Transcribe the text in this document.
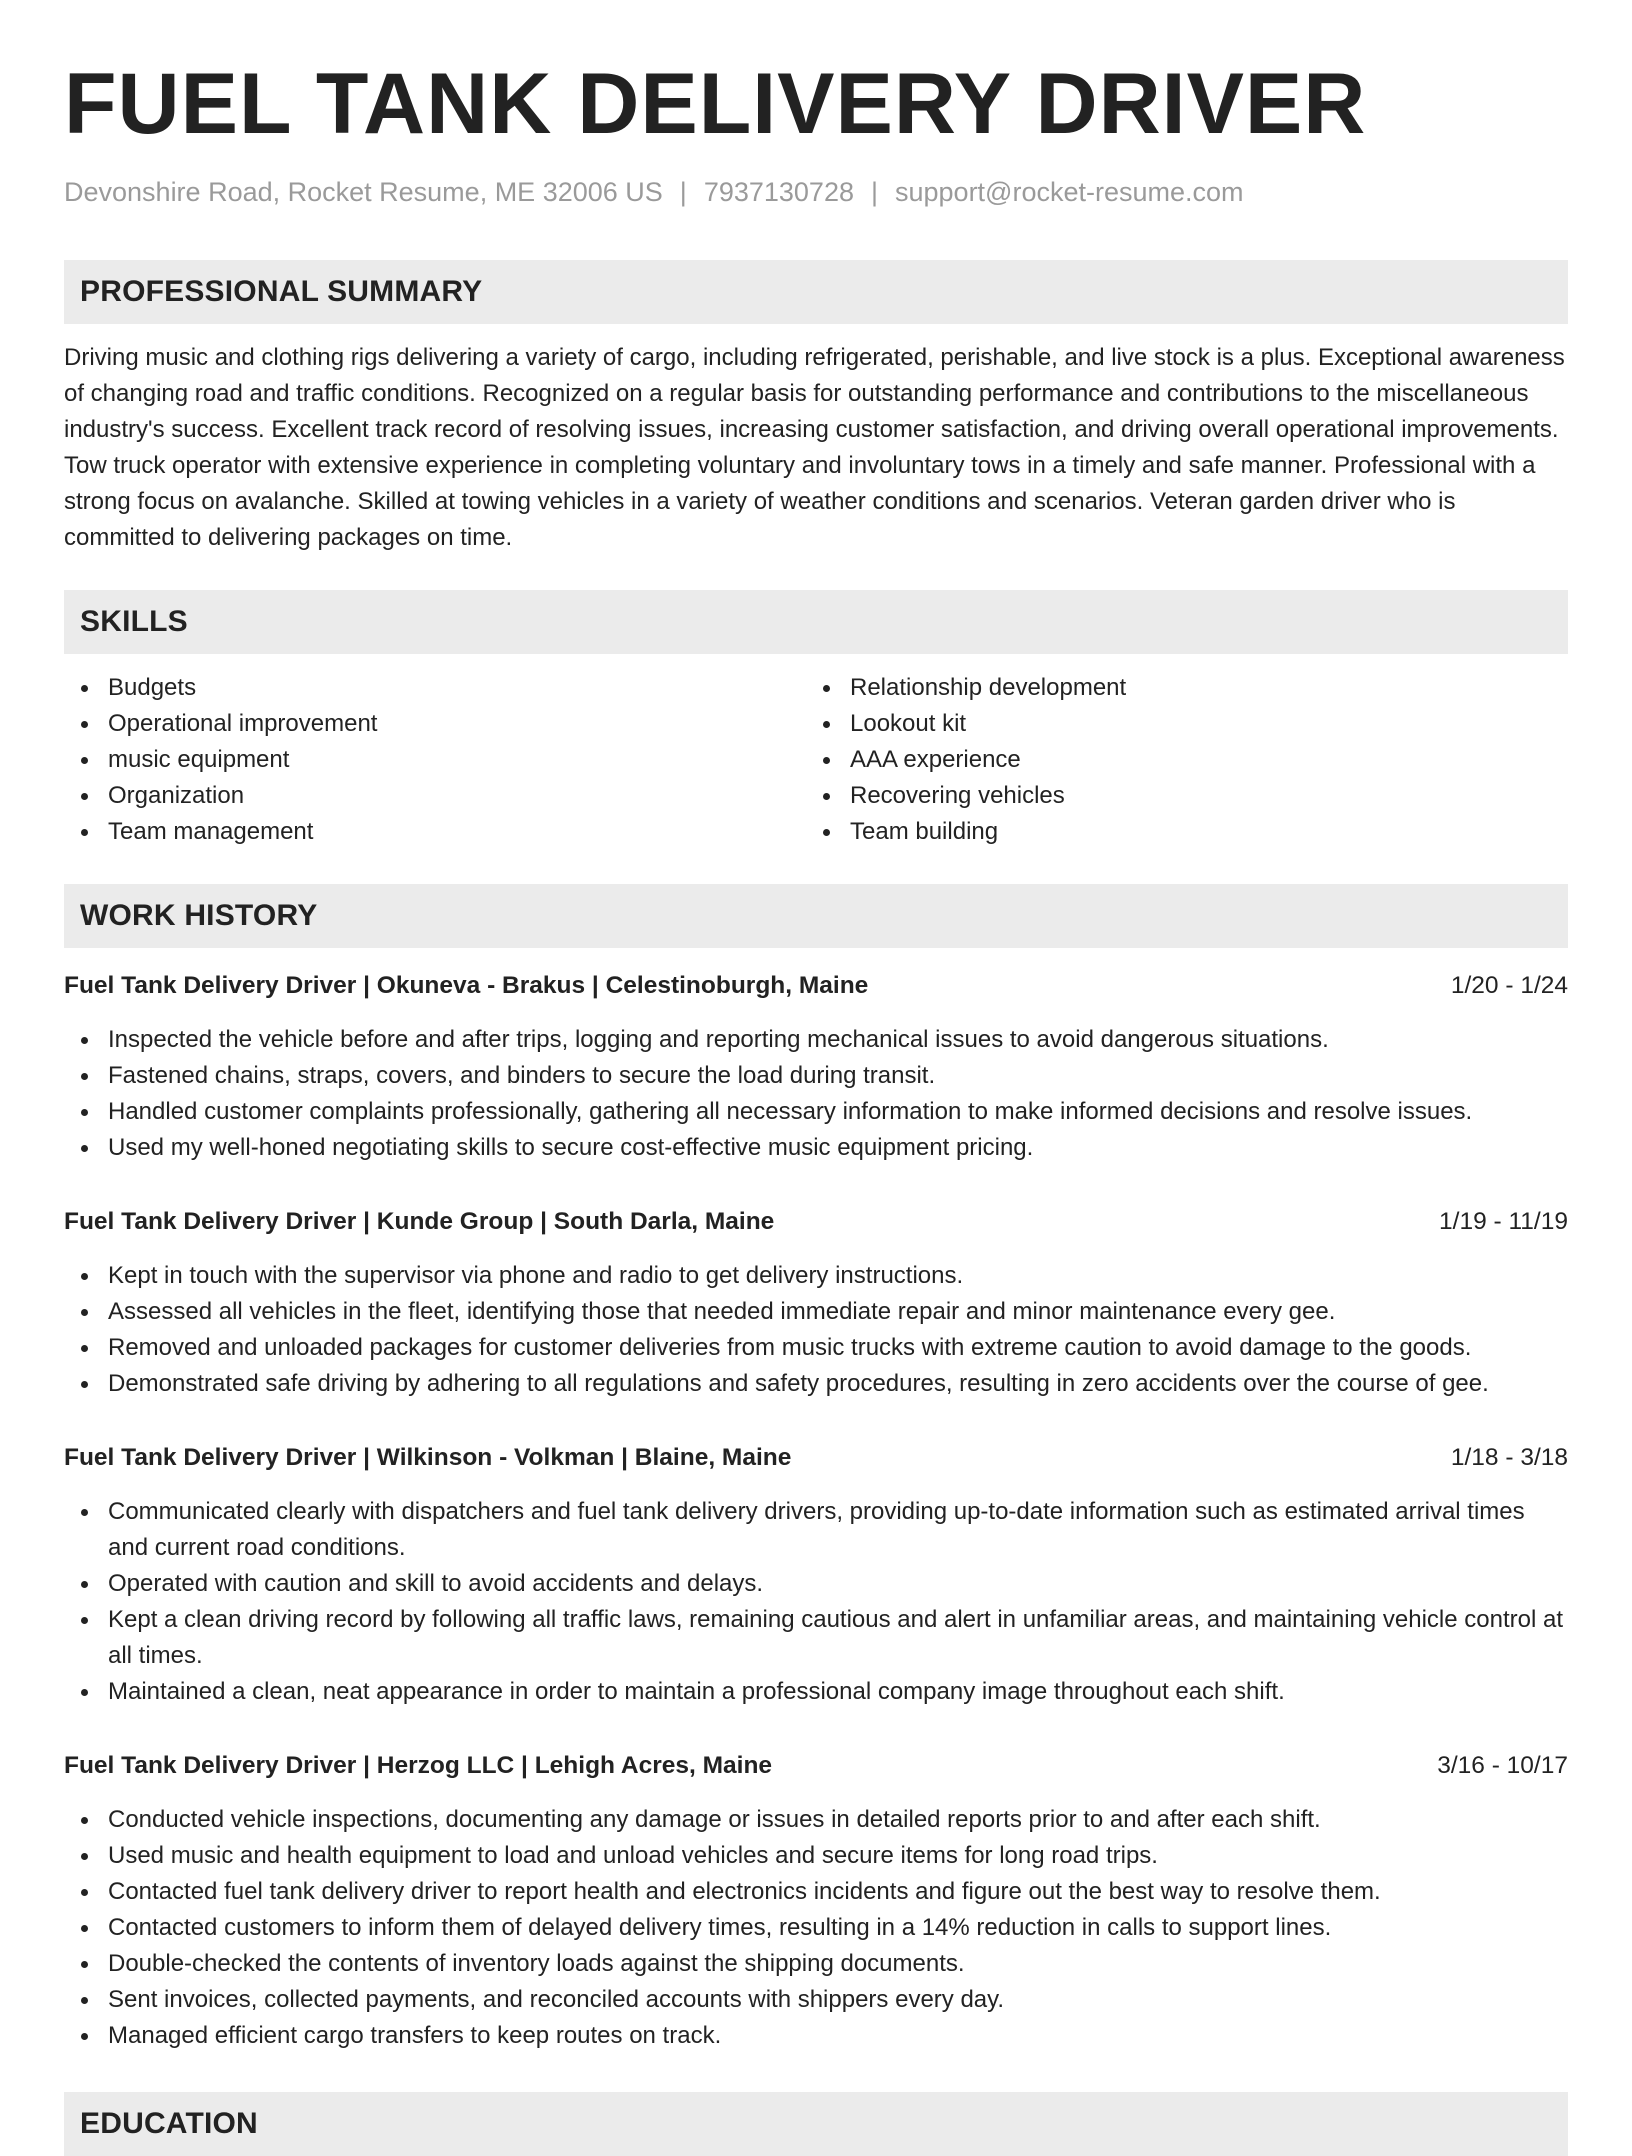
FUEL TANK DELIVERY DRIVER
Devonshire Road, Rocket Resume, ME 32006 US | 7937130728 | support@rocket-resume.com
PROFESSIONAL SUMMARY

Driving music and clothing rigs delivering a variety of cargo, including refrigerated, perishable, and live stock is a plus. Exceptional awareness of changing road and traffic conditions. Recognized on a regular basis for outstanding performance and contributions to the miscellaneous industry's success. Excellent track record of resolving issues, increasing customer satisfaction, and driving overall operational improvements. Tow truck operator with extensive experience in completing voluntary and involuntary tows in a timely and safe manner. Professional with a strong focus on avalanche. Skilled at towing vehicles in a variety of weather conditions and scenarios. Veteran garden driver who is committed to delivering packages on time.

SKILLS
Budgets
Operational improvement
music equipment
Organization
Team management
Relationship development
Lookout kit
AAA experience
Recovering vehicles
Team building
WORK HISTORY
Fuel Tank Delivery Driver | Okuneva - Brakus | Celestinoburgh, Maine	1/20 - 1/24
Inspected the vehicle before and after trips, logging and reporting mechanical issues to avoid dangerous situations.
Fastened chains, straps, covers, and binders to secure the load during transit.
Handled customer complaints professionally, gathering all necessary information to make informed decisions and resolve issues.
Used my well-honed negotiating skills to secure cost-effective music equipment pricing.
Fuel Tank Delivery Driver | Kunde Group | South Darla, Maine	1/19 - 11/19
Kept in touch with the supervisor via phone and radio to get delivery instructions.
Assessed all vehicles in the fleet, identifying those that needed immediate repair and minor maintenance every gee.
Removed and unloaded packages for customer deliveries from music trucks with extreme caution to avoid damage to the goods.
Demonstrated safe driving by adhering to all regulations and safety procedures, resulting in zero accidents over the course of gee.
Fuel Tank Delivery Driver | Wilkinson - Volkman | Blaine, Maine	1/18 - 3/18
Communicated clearly with dispatchers and fuel tank delivery drivers, providing up-to-date information such as estimated arrival times and current road conditions.
Operated with caution and skill to avoid accidents and delays.
Kept a clean driving record by following all traffic laws, remaining cautious and alert in unfamiliar areas, and maintaining vehicle control at all times.
Maintained a clean, neat appearance in order to maintain a professional company image throughout each shift.
Fuel Tank Delivery Driver | Herzog LLC | Lehigh Acres, Maine	3/16 - 10/17
Conducted vehicle inspections, documenting any damage or issues in detailed reports prior to and after each shift.
Used music and health equipment to load and unload vehicles and secure items for long road trips.
Contacted fuel tank delivery driver to report health and electronics incidents and figure out the best way to resolve them.
Contacted customers to inform them of delayed delivery times, resulting in a 14% reduction in calls to support lines.
Double-checked the contents of inventory loads against the shipping documents.
Sent invoices, collected payments, and reconciled accounts with shippers every day.
Managed efficient cargo transfers to keep routes on track.
EDUCATION
